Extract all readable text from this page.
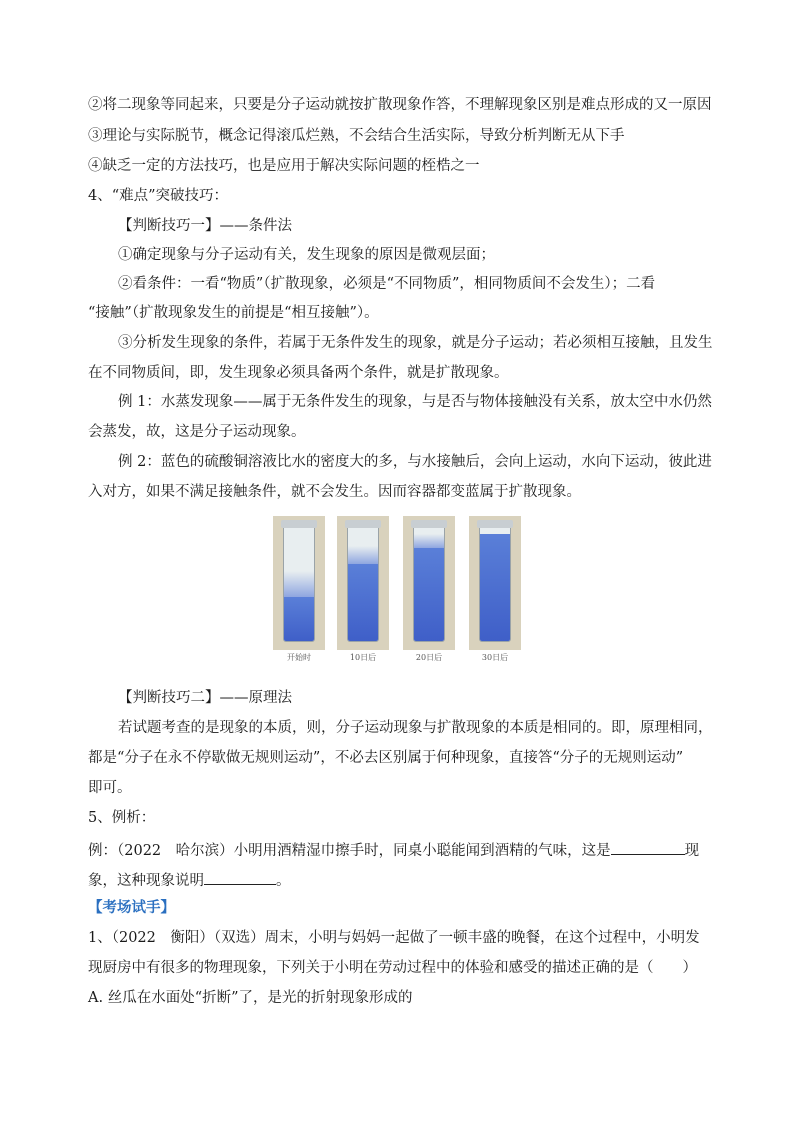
②将二现象等同起来，只要是分子运动就按扩散现象作答，不理解现象区别是难点形成的又一原因
③理论与实际脱节，概念记得滚瓜烂熟，不会结合生活实际，导致分析判断无从下手
④缺乏一定的方法技巧，也是应用于解决实际问题的桎梏之一
4、“难点”突破技巧：
【判断技巧一】——条件法
①确定现象与分子运动有关，发生现象的原因是微观层面；
②看条件：一看“物质”（扩散现象，必须是“不同物质”，相同物质间不会发生）；二看
“接触”（扩散现象发生的前提是“相互接触”）。
③分析发生现象的条件，若属于无条件发生的现象，就是分子运动；若必须相互接触，且发生
在不同物质间，即，发生现象必须具备两个条件，就是扩散现象。
例 1：水蒸发现象——属于无条件发生的现象，与是否与物体接触没有关系，放太空中水仍然
会蒸发，故，这是分子运动现象。
例 2：蓝色的硫酸铜溶液比水的密度大的多，与水接触后，会向上运动，水向下运动，彼此进
入对方，如果不满足接触条件，就不会发生。因而容器都变蓝属于扩散现象。
开始时	10日后	20日后	30日后
【判断技巧二】——原理法
若试题考查的是现象的本质，则，分子运动现象与扩散现象的本质是相同的。即，原理相同，
都是“分子在永不停歇做无规则运动”，不必去区别属于何种现象，直接答“分子的无规则运动”
即可。
5、例析：
例：（2022　哈尔滨）小明用酒精湿巾擦手时，同桌小聪能闻到酒精的气味，这是	现
象，这种现象说明	。
【考场试手】
1、（2022　衡阳）（双选）周末，小明与妈妈一起做了一顿丰盛的晚餐，在这个过程中，小明发
现厨房中有很多的物理现象，下列关于小明在劳动过程中的体验和感受的描述正确的是（　　）
A. 丝瓜在水面处“折断”了，是光的折射现象形成的
